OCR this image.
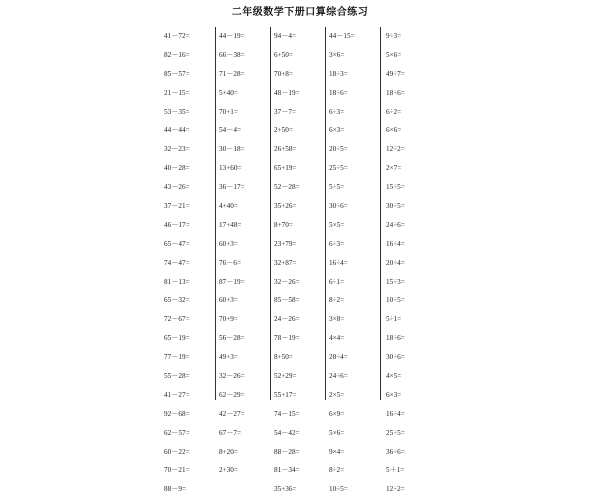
二年级数学下册口算综合练习
41－72=
82－16=
85－57=
21－15=
53－35=
44－44=
32－23=
40－28=
43－26=
37－21=
46－17=
65－47=
74－47=
81－13=
65－32=
72－67=
65－19=
77－19=
55－28=
41－27=
92－68=
62－57=
60－22=
70－21=
88－9=
44－19=
66－38=
71－28=
5+40=
70+1=
54－4=
30－18=
13+60=
36－17=
4+40=
17+48=
60+3=
76－6=
87－19=
60+3=
70+9=
56－28=
49+3=
32－26=
62－29=
42－27=
67－7=
8+20=
2+30=
94－4=
6+50=
70+8=
48－19=
37－7=
2+50=
26+58=
65+19=
52－28=
35+26=
8+70=
23+79=
32+87=
32－26=
85－58=
24－26=
78－19=
8+50=
52+29=
55+17=
74－15=
54－42=
88－28=
81－34=
35+36=
44－15=
3×6=
18÷3=
18÷6=
6÷3=
6×3=
20÷5=
25÷5=
5÷5=
30÷6=
5×5=
6÷3=
16÷4=
6÷1=
8÷2=
3×8=
4×4=
28÷4=
24÷6=
2×5=
6×9=
5×6=
9×4=
8÷2=
10÷5=
9÷3=
5×6=
49÷7=
18÷6=
6÷2=
6×6=
12÷2=
2×7=
15÷5=
30÷5=
24÷6=
16÷4=
20÷4=
15÷3=
10÷5=
5÷1=
18÷6=
30÷6=
4×5=
6×3=
16÷4=
25÷5=
36÷6=
5＋1=
12÷2=
